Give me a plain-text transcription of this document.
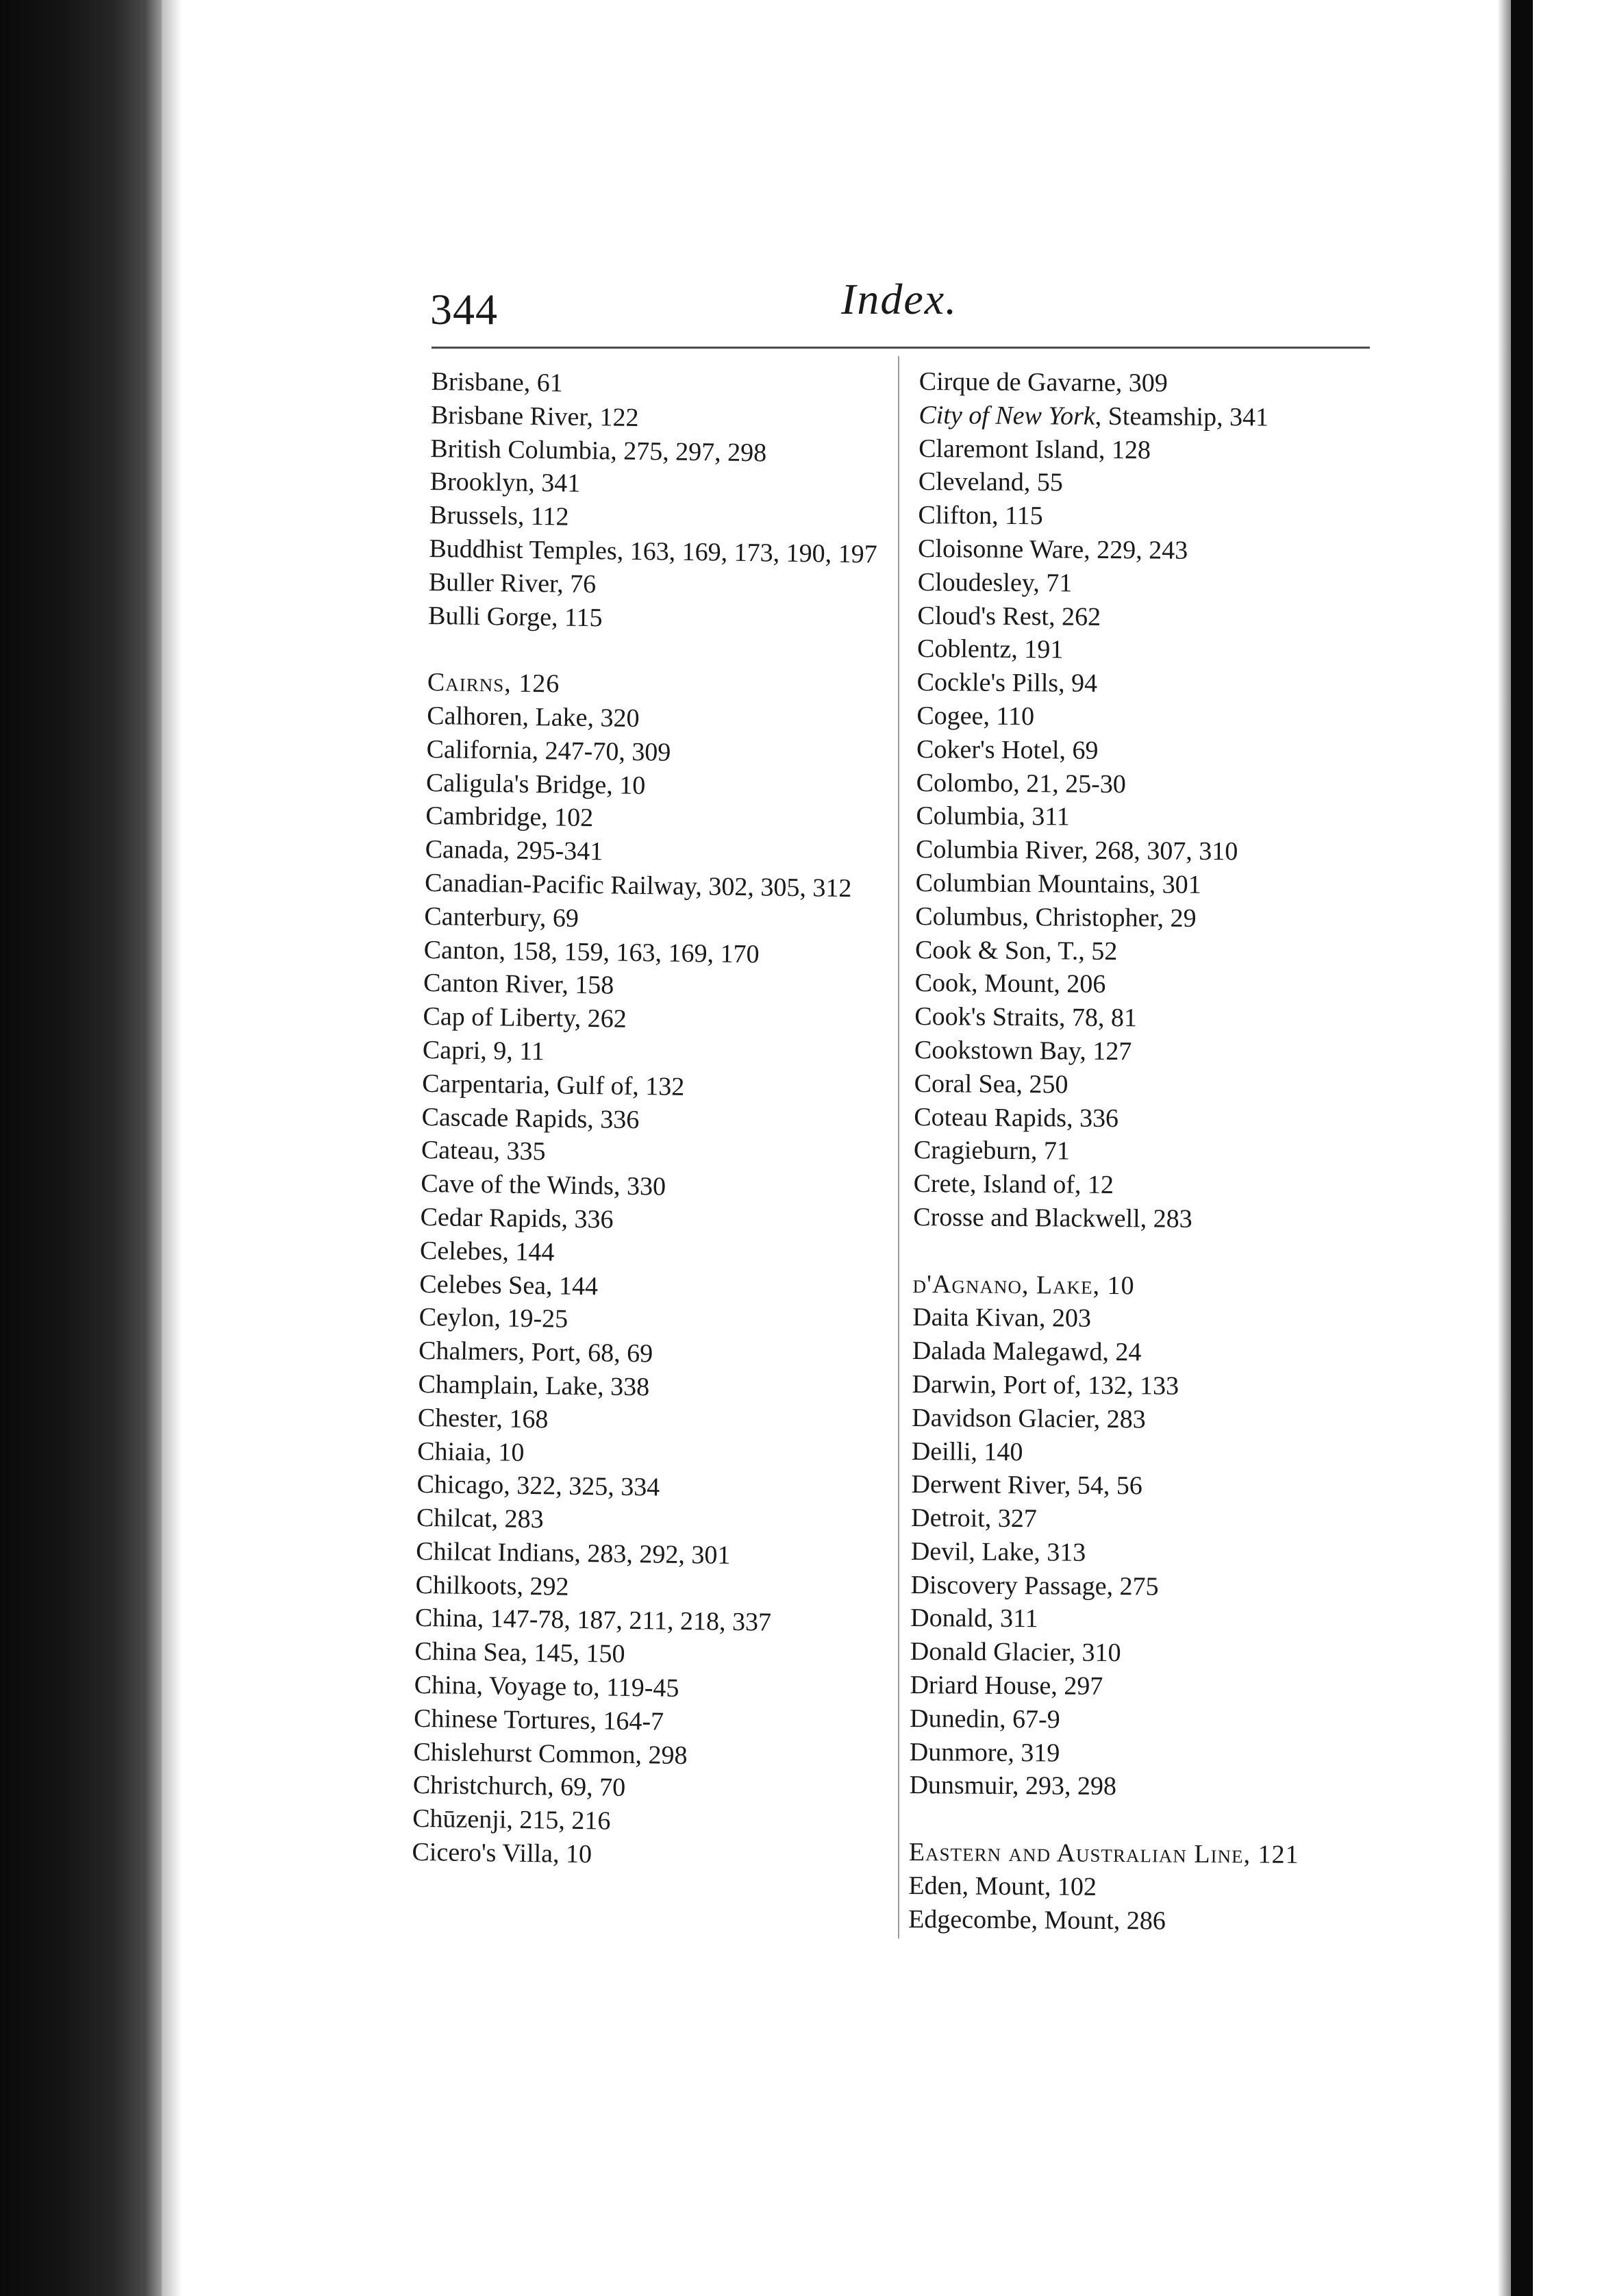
344	Index.
Brisbane, 61
Brisbane River, 122
British Columbia, 275, 297, 298
Brooklyn, 341
Brussels, 112
Buddhist Temples, 163, 169, 173, 190, 197
Buller River, 76
Bulli Gorge, 115
Cairns, 126
Calhoren, Lake, 320
California, 247-70, 309
Caligula's Bridge, 10
Cambridge, 102
Canada, 295-341
Canadian-Pacific Railway, 302, 305, 312
Canterbury, 69
Canton, 158, 159, 163, 169, 170
Canton River, 158
Cap of Liberty, 262
Capri, 9, 11
Carpentaria, Gulf of, 132
Cascade Rapids, 336
Cateau, 335
Cave of the Winds, 330
Cedar Rapids, 336
Celebes, 144
Celebes Sea, 144
Ceylon, 19-25
Chalmers, Port, 68, 69
Champlain, Lake, 338
Chester, 168
Chiaia, 10
Chicago, 322, 325, 334
Chilcat, 283
Chilcat Indians, 283, 292, 301
Chilkoots, 292
China, 147-78, 187, 211, 218, 337
China Sea, 145, 150
China, Voyage to, 119-45
Chinese Tortures, 164-7
Chislehurst Common, 298
Christchurch, 69, 70
Chūzenji, 215, 216
Cicero's Villa, 10
Cirque de Gavarne, 309
City of New York, Steamship, 341
Claremont Island, 128
Cleveland, 55
Clifton, 115
Cloisonne Ware, 229, 243
Cloudesley, 71
Cloud's Rest, 262
Coblentz, 191
Cockle's Pills, 94
Cogee, 110
Coker's Hotel, 69
Colombo, 21, 25-30
Columbia, 311
Columbia River, 268, 307, 310
Columbian Mountains, 301
Columbus, Christopher, 29
Cook & Son, T., 52
Cook, Mount, 206
Cook's Straits, 78, 81
Cookstown Bay, 127
Coral Sea, 250
Coteau Rapids, 336
Cragieburn, 71
Crete, Island of, 12
Crosse and Blackwell, 283
d'Agnano, Lake, 10
Daita Kivan, 203
Dalada Malegawd, 24
Darwin, Port of, 132, 133
Davidson Glacier, 283
Deilli, 140
Derwent River, 54, 56
Detroit, 327
Devil, Lake, 313
Discovery Passage, 275
Donald, 311
Donald Glacier, 310
Driard House, 297
Dunedin, 67-9
Dunmore, 319
Dunsmuir, 293, 298
Eastern and Australian Line, 121
Eden, Mount, 102
Edgecombe, Mount, 286
